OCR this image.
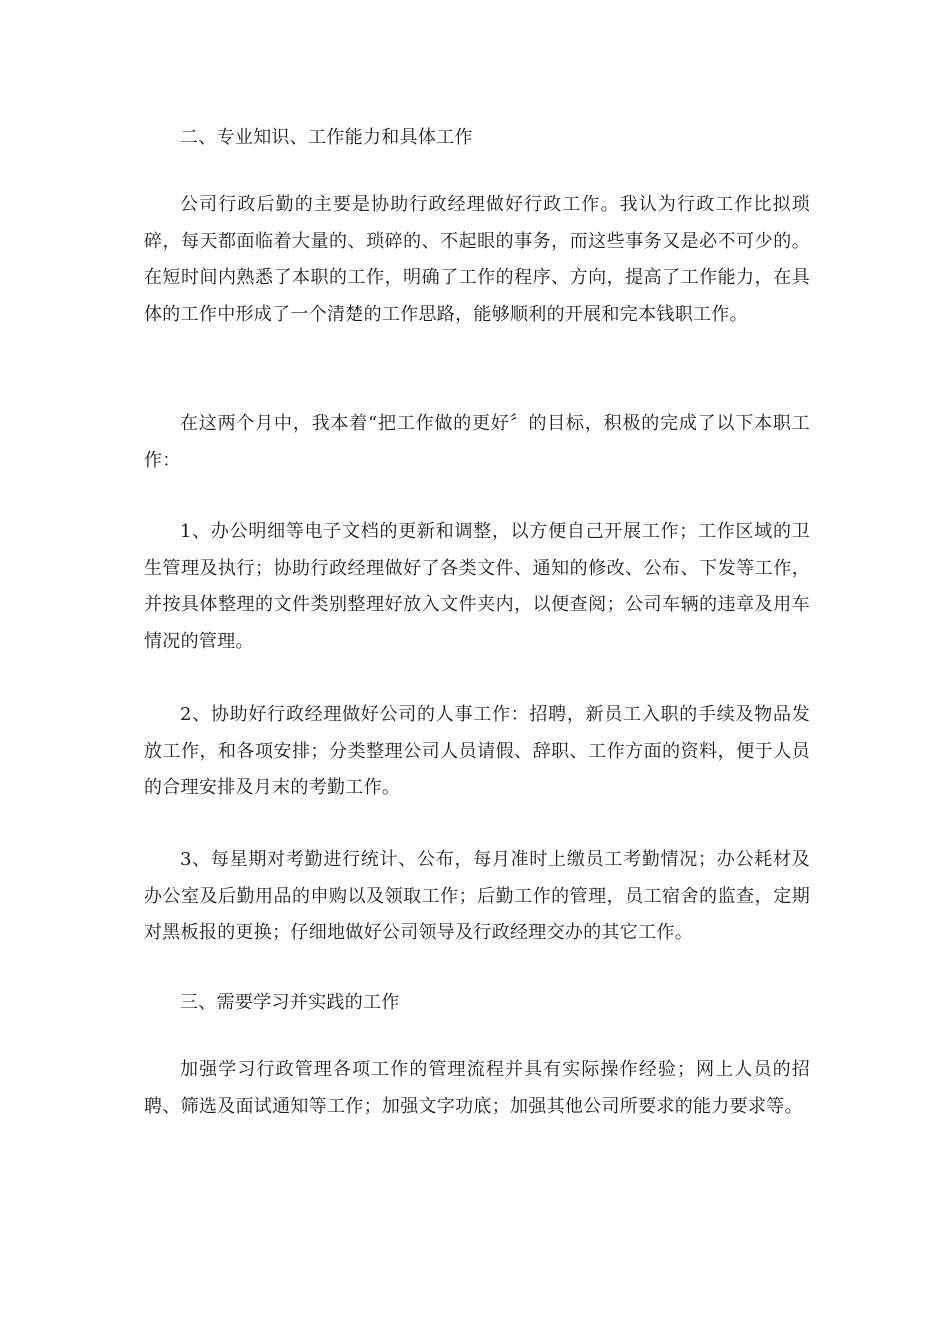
二、专业知识、工作能力和具体工作

公司行政后勤的主要是协助行政经理做好行政工作。我认为行政工作比拟琐碎，每天都面临着大量的、琐碎的、不起眼的事务，而这些事务又是必不可少的。在短时间内熟悉了本职的工作，明确了工作的程序、方向，提高了工作能力，在具体的工作中形成了一个清楚的工作思路，能够顺利的开展和完本钱职工作。

在这两个月中，我本着“把工作做的更好〞的目标，积极的完成了以下本职工作：

1、办公明细等电子文档的更新和调整，以方便自己开展工作；工作区域的卫生管理及执行；协助行政经理做好了各类文件、通知的修改、公布、下发等工作，并按具体整理的文件类别整理好放入文件夹内，以便查阅；公司车辆的违章及用车情况的管理。

2、协助好行政经理做好公司的人事工作：招聘，新员工入职的手续及物品发放工作，和各项安排；分类整理公司人员请假、辞职、工作方面的资料，便于人员的合理安排及月末的考勤工作。

3、每星期对考勤进行统计、公布，每月准时上缴员工考勤情况；办公耗材及办公室及后勤用品的申购以及领取工作；后勤工作的管理，员工宿舍的监查，定期对黑板报的更换；仔细地做好公司领导及行政经理交办的其它工作。

三、需要学习并实践的工作

加强学习行政管理各项工作的管理流程并具有实际操作经验；网上人员的招聘、筛选及面试通知等工作；加强文字功底；加强其他公司所要求的能力要求等。
